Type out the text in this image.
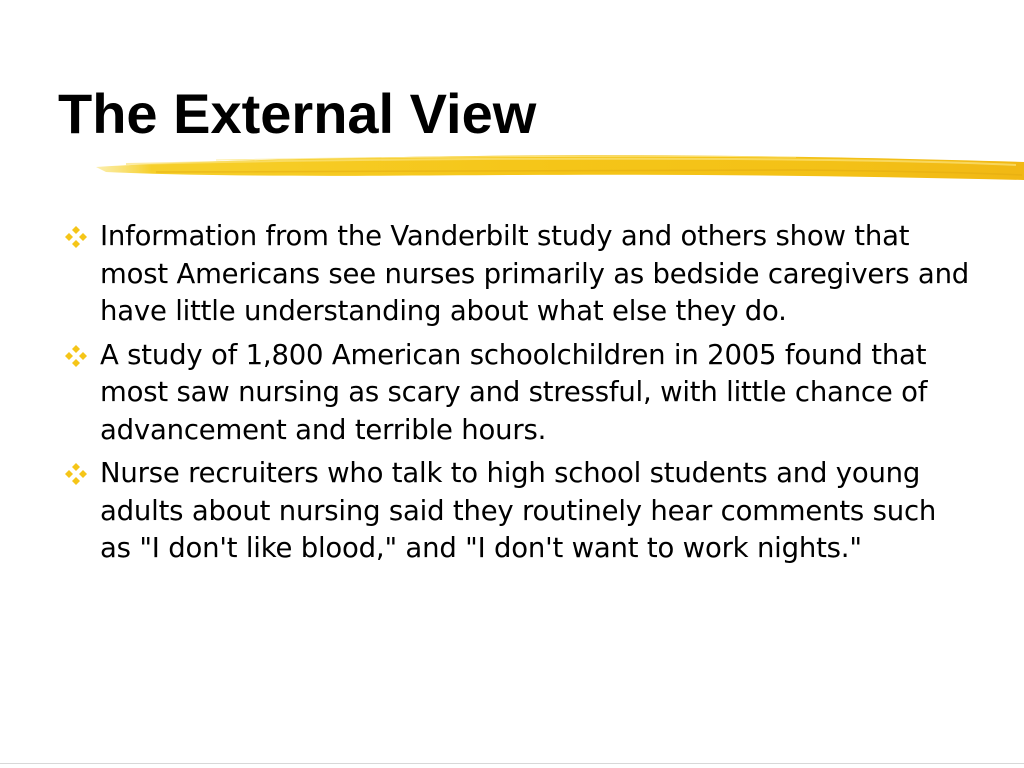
The External View
Information from the Vanderbilt study and others show that most Americans see nurses primarily as bedside caregivers and have little understanding about what else they do.
A study of 1,800 American schoolchildren in 2005 found that most saw nursing as scary and stressful, with little chance of advancement and terrible hours.
Nurse recruiters who talk to high school students and young adults about nursing said they routinely hear comments such as "I don't like blood," and "I don't want to work nights."
